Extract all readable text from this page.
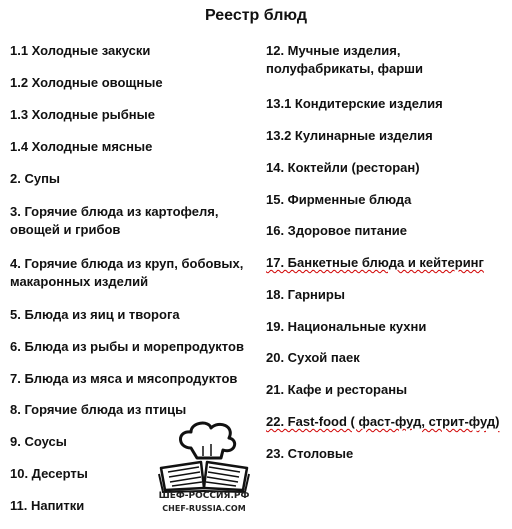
Реестр блюд
1.1 Холодные закуски
1.2 Холодные овощные
1.3 Холодные рыбные
1.4 Холодные мясные
2. Супы
3. Горячие блюда из картофеля, овощей и грибов
4. Горячие блюда из круп, бобовых, макаронных изделий
5. Блюда из яиц и творога
6. Блюда из рыбы и морепродуктов
7. Блюда из мяса и мясопродуктов
8. Горячие блюда из птицы
9. Соусы
10. Десерты
11. Напитки
12. Мучные изделия, полуфабрикаты, фарши
13.1 Кондитерские изделия
13.2 Кулинарные изделия
14. Коктейли (ресторан)
15. Фирменные блюда
16. Здоровое питание
17. Банкетные блюда и кейтеринг
18. Гарниры
19. Национальные кухни
20. Сухой паек
21. Кафе и рестораны
22. Fast-food ( фаст-фуд, стрит-фуд)
23. Столовые
ШЕФ-РОССИЯ.РФ
CHEF-RUSSIA.COM
